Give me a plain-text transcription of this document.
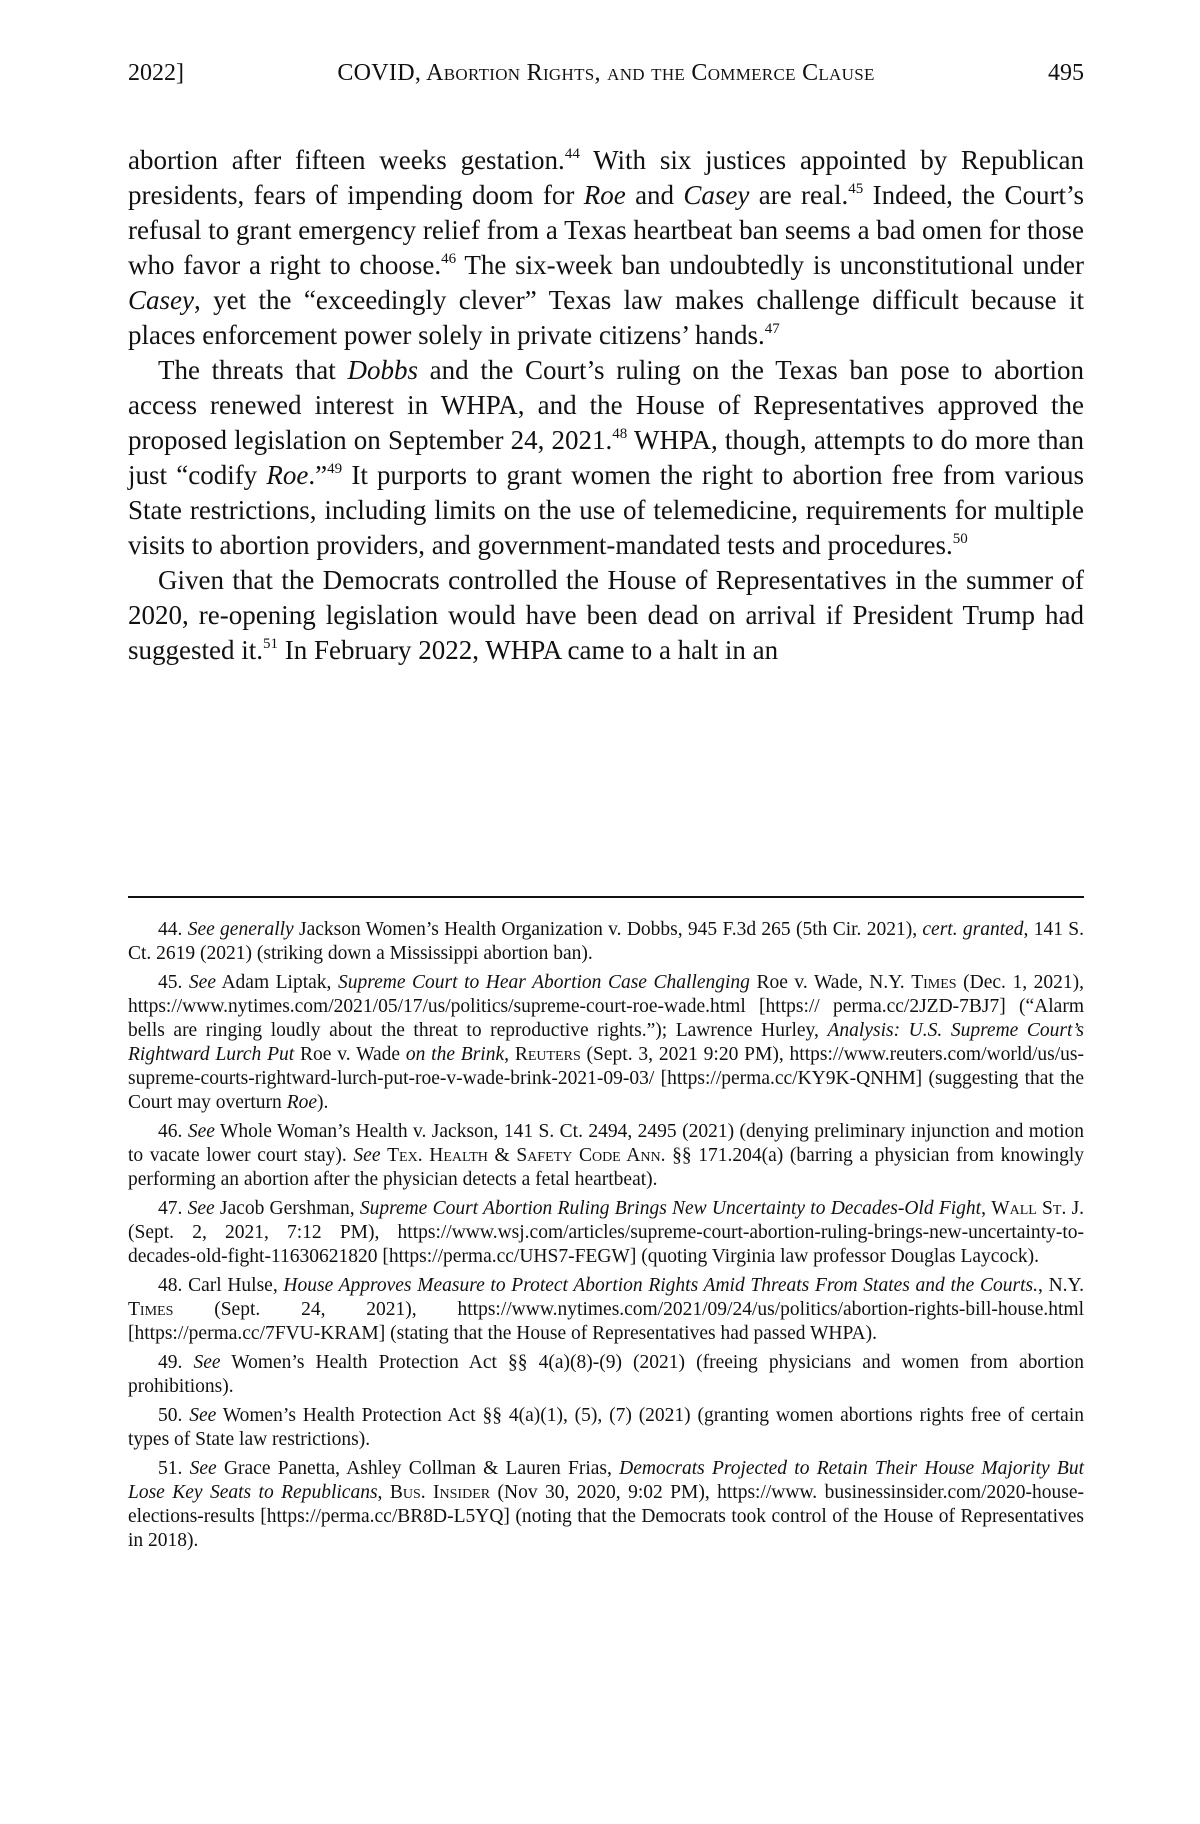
2022]	COVID, Abortion Rights, and the Commerce Clause	495

abortion after fifteen weeks gestation.$^{44}$ With six justices appointed by Republican presidents, fears of impending doom for Roe and Casey are real.$^{45}$ Indeed, the Court’s refusal to grant emergency relief from a Texas heartbeat ban seems a bad omen for those who favor a right to choose.$^{46}$ The six-week ban undoubtedly is unconstitutional under Casey, yet the “exceedingly clever” Texas law makes challenge difficult because it places enforcement power solely in private citizens’ hands.$^{47}$

The threats that Dobbs and the Court’s ruling on the Texas ban pose to abortion access renewed interest in WHPA, and the House of Representatives approved the proposed legislation on September 24, 2021.48 WHPA, though, attempts to do more than just “codify Roe.”$^{49}$ It purports to grant women the right to abortion free from various State restrictions, including limits on the use of telemedicine, requirements for multiple visits to abortion providers, and government-mandated tests and procedures.$^{50}$

Given that the Democrats controlled the House of Representatives in the summer of 2020, re-opening legislation would have been dead on arrival if President Trump had suggested it.$^{51}$ In February 2022, WHPA came to a halt in an

44. See generally Jackson Women’s Health Organization v. Dobbs, 945 F.3d 265 (5th Cir. 2021), cert. granted, 141 S. Ct. 2619 (2021) (striking down a Mississippi abortion ban).

45. See Adam Liptak, Supreme Court to Hear Abortion Case Challenging Roe v. Wade, N.Y. Times (Dec. 1, 2021), https://www.nytimes.com/2021/05/17/us/politics/supreme-court-roe-wade.html [https:// perma.cc/2JZD-7BJ7] (“Alarm bells are ringing loudly about the threat to reproductive rights.”); Lawrence Hurley, Analysis: U.S. Supreme Court’s Rightward Lurch Put Roe v. Wade on the Brink, Reuters (Sept. 3, 2021 9:20 PM), https://www.reuters.com/world/us/us-supreme-courts-rightward-lurch-put-roe-v-wade-brink-2021-09-03/ [https://perma.cc/KY9K-QNHM] (suggesting that the Court may overturn Roe).

46. See Whole Woman’s Health v. Jackson, 141 S. Ct. 2494, 2495 (2021) (denying preliminary injunction and motion to vacate lower court stay). See Tex. Health & Safety Code Ann. §§ 171.204(a) (barring a physician from knowingly performing an abortion after the physician detects a fetal heartbeat).

47. See Jacob Gershman, Supreme Court Abortion Ruling Brings New Uncertainty to Decades-Old Fight, Wall St. J. (Sept. 2, 2021, 7:12 PM), https://www.wsj.com/articles/supreme-court-abortion-ruling-brings-new-uncertainty-to-decades-old-fight-11630621820 [https://perma.cc/UHS7-FEGW] (quoting Virginia law professor Douglas Laycock).

48. Carl Hulse, House Approves Measure to Protect Abortion Rights Amid Threats From States and the Courts., N.Y. Times (Sept. 24, 2021), https://www.nytimes.com/2021/09/24/us/politics/abortion-rights-bill-house.html [https://perma.cc/7FVU-KRAM] (stating that the House of Representatives had passed WHPA).

49. See Women’s Health Protection Act §§ 4(a)(8)-(9) (2021) (freeing physicians and women from abortion prohibitions).

50. See Women’s Health Protection Act §§ 4(a)(1), (5), (7) (2021) (granting women abortions rights free of certain types of State law restrictions).

51. See Grace Panetta, Ashley Collman & Lauren Frias, Democrats Projected to Retain Their House Majority But Lose Key Seats to Republicans, Bus. Insider (Nov 30, 2020, 9:02 PM), https://www. businessinsider.com/2020-house-elections-results [https://perma.cc/BR8D-L5YQ] (noting that the Democrats took control of the House of Representatives in 2018).
